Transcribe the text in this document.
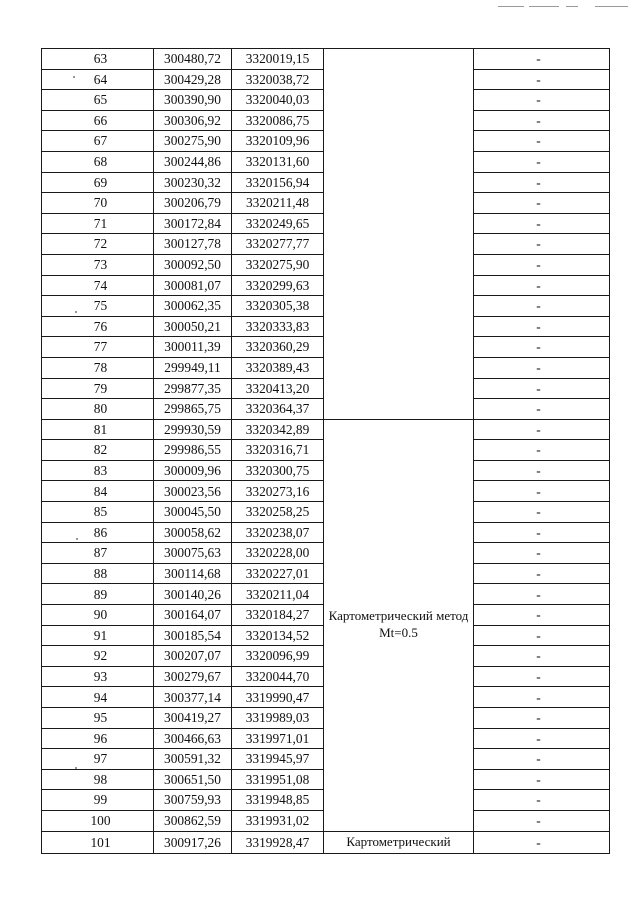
63	300480,72	3320019,15		-
64	300429,28	3320038,72		-
65	300390,90	3320040,03		-
66	300306,92	3320086,75		-
67	300275,90	3320109,96		-
68	300244,86	3320131,60		-
69	300230,32	3320156,94		-
70	300206,79	3320211,48		-
71	300172,84	3320249,65		-
72	300127,78	3320277,77		-
73	300092,50	3320275,90		-
74	300081,07	3320299,63		-
75	300062,35	3320305,38		-
76	300050,21	3320333,83		-
77	300011,39	3320360,29		-
78	299949,11	3320389,43		-
79	299877,35	3320413,20		-
80	299865,75	3320364,37		-
81	299930,59	3320342,89	Картометрический метод Mt=0.5	-
82	299986,55	3320316,71		-
83	300009,96	3320300,75		-
84	300023,56	3320273,16		-
85	300045,50	3320258,25		-
86	300058,62	3320238,07		-
87	300075,63	3320228,00		-
88	300114,68	3320227,01		-
89	300140,26	3320211,04		-
90	300164,07	3320184,27		-
91	300185,54	3320134,52		-
92	300207,07	3320096,99		-
93	300279,67	3320044,70		-
94	300377,14	3319990,47		-
95	300419,27	3319989,03		-
96	300466,63	3319971,01		-
97	300591,32	3319945,97		-
98	300651,50	3319951,08		-
99	300759,93	3319948,85		-
100	300862,59	3319931,02		-
101	300917,26	3319928,47	Картометрический	-
